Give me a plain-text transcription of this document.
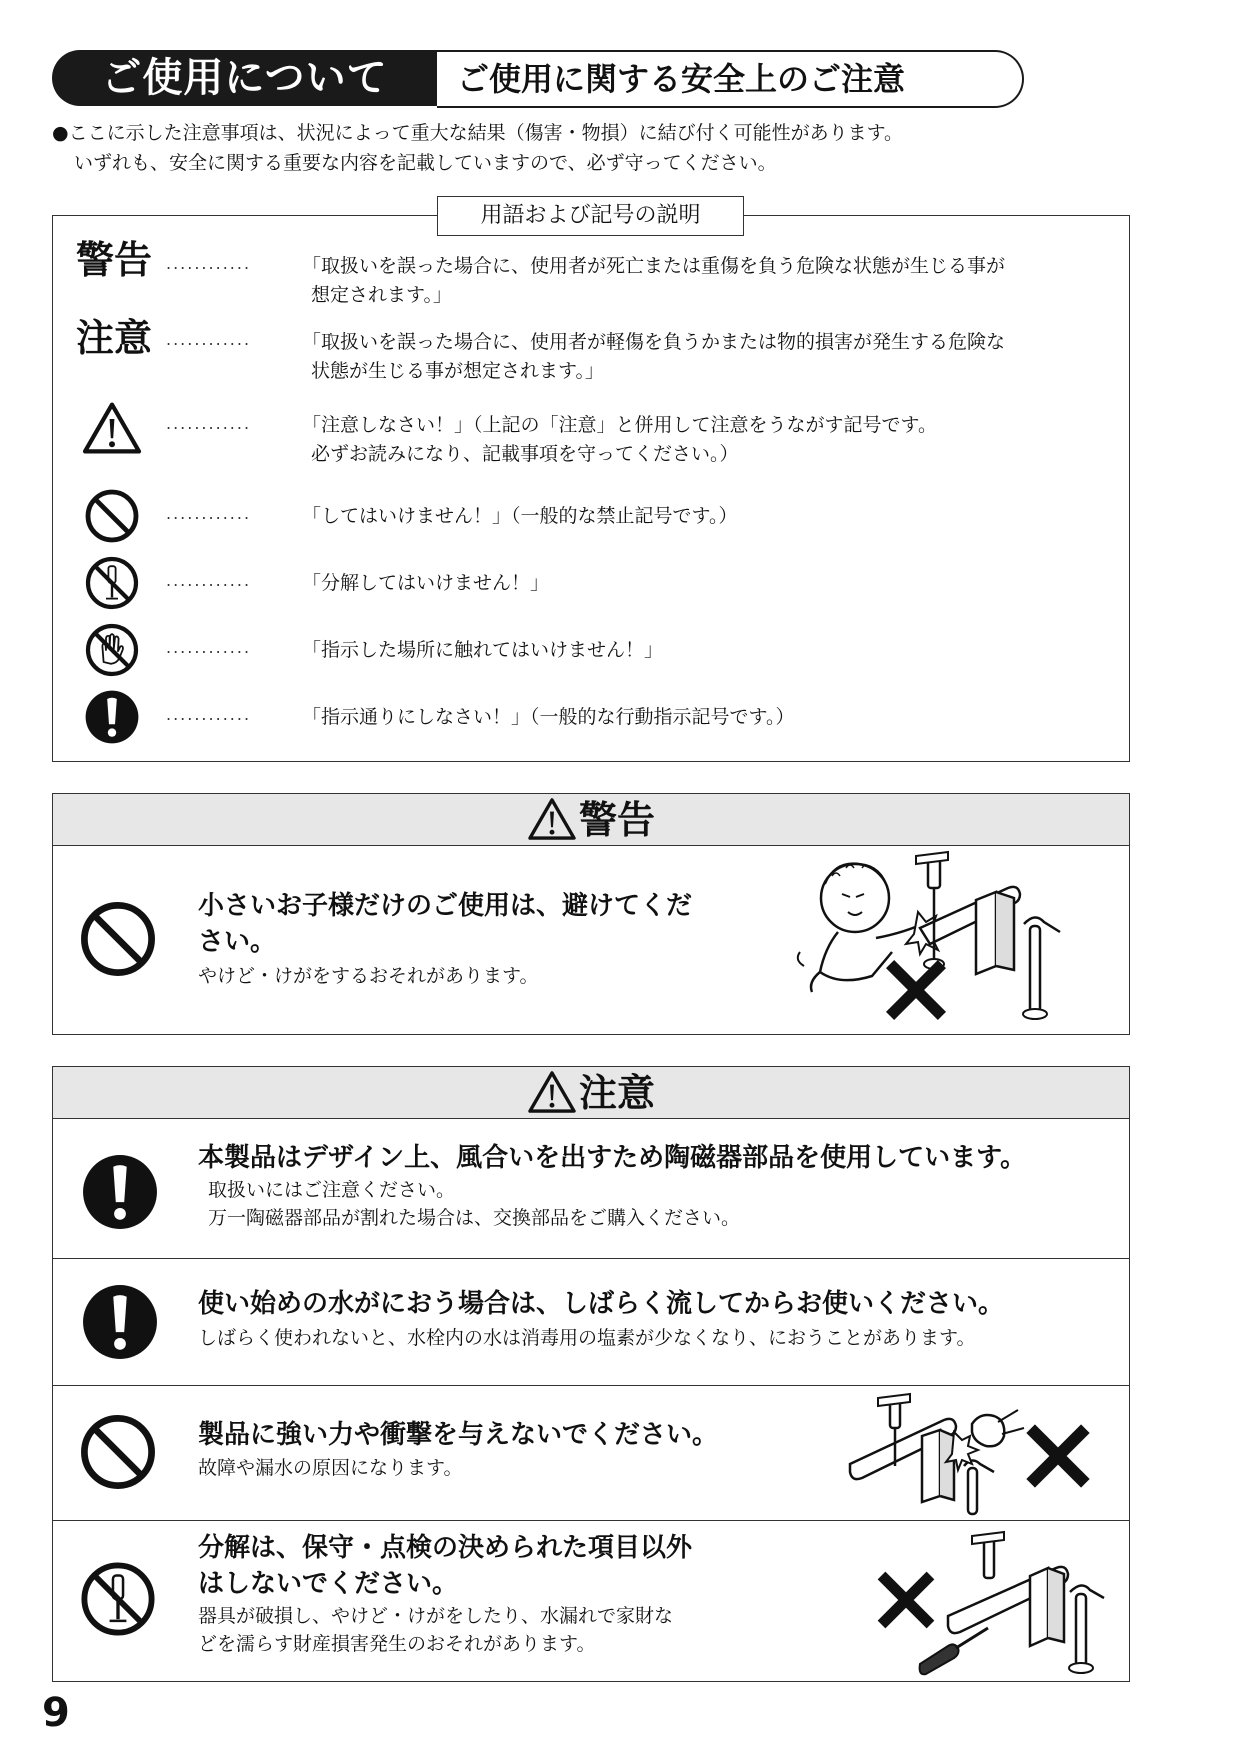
ご使用について	ご使用に関する安全上のご注意
●ここに示した注意事項は、状況によって重大な結果（傷害・物損）に結び付く可能性があります。
いずれも、安全に関する重要な内容を記載していますので、必ず守ってください。
用語および記号の説明
警告 ............	「取扱いを誤った場合に、使用者が死亡または重傷を負う危険な状態が生じる事が
想定されます。」
注意 ............	「取扱いを誤った場合に、使用者が軽傷を負うかまたは物的損害が発生する危険な
状態が生じる事が想定されます。」
............	「注意しなさい！」（上記の「注意」と併用して注意をうながす記号です。
必ずお読みになり、記載事項を守ってください。）
............	「してはいけません！」（一般的な禁止記号です。）
............	「分解してはいけません！」
............	「指示した場所に触れてはいけません！」
............	「指示通りにしなさい！」（一般的な行動指示記号です。）
警告
小さいお子様だけのご使用は、避けてくだ
さい。
やけど・けがをするおそれがあります。
注意
本製品はデザイン上、風合いを出すため陶磁器部品を使用しています。
取扱いにはご注意ください。
万一陶磁器部品が割れた場合は、交換部品をご購入ください。
使い始めの水がにおう場合は、しばらく流してからお使いください。
しばらく使われないと、水栓内の水は消毒用の塩素が少なくなり、におうことがあります。
製品に強い力や衝撃を与えないでください。
故障や漏水の原因になります。
分解は、保守・点検の決められた項目以外
はしないでください。
器具が破損し、やけど・けがをしたり、水漏れで家財な
どを濡らす財産損害発生のおそれがあります。
9
